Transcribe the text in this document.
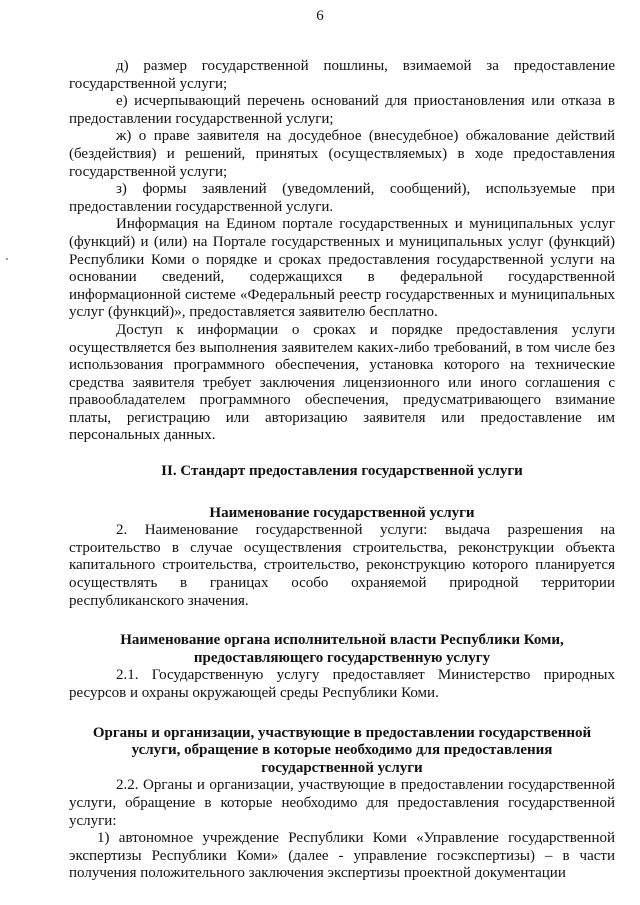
6

д) размер государственной пошлины, взимаемой за предоставление государственной услуги;

е) исчерпывающий перечень оснований для приостановления или отказа в предоставлении государственной услуги;

ж) о праве заявителя на досудебное (внесудебное) обжалование действий (бездействия) и решений, принятых (осуществляемых) в ходе предоставления государственной услуги;

з) формы заявлений (уведомлений, сообщений), используемые при предоставлении государственной услуги.

Информация на Едином портале государственных и муниципальных услуг (функций) и (или) на Портале государственных и муниципальных услуг (функций) Республики Коми о порядке и сроках предоставления государственной услуги на основании сведений, содержащихся в федеральной государственной информационной системе «Федеральный реестр государственных и муниципальных услуг (функций)», предоставляется заявителю бесплатно.

Доступ к информации о сроках и порядке предоставления услуги осуществляется без выполнения заявителем каких-либо требований, в том числе без использования программного обеспечения, установка которого на технические средства заявителя требует заключения лицензионного или иного соглашения с правообладателем программного обеспечения, предусматривающего взимание платы, регистрацию или авторизацию заявителя или предоставление им персональных данных.

II. Стандарт предоставления государственной услуги
Наименование государственной услуги

2. Наименование государственной услуги: выдача разрешения на строительство в случае осуществления строительства, реконструкции объекта капитального строительства, строительство, реконструкцию которого планируется осуществлять в границах особо охраняемой природной территории республиканского значения.

Наименование органа исполнительной власти Республики Коми,
предоставляющего государственную услугу

2.1. Государственную услугу предоставляет Министерство природных ресурсов и охраны окружающей среды Республики Коми.

Органы и организации, участвующие в предоставлении государственной
услуги, обращение в которые необходимо для предоставления
государственной услуги

2.2. Органы и организации, участвующие в предоставлении государственной услуги, обращение в которые необходимо для предоставления государственной услуги:

1) автономное учреждение Республики Коми «Управление государственной экспертизы Республики Коми» (далее - управление госэкспертизы) – в части получения положительного заключения экспертизы проектной документации
